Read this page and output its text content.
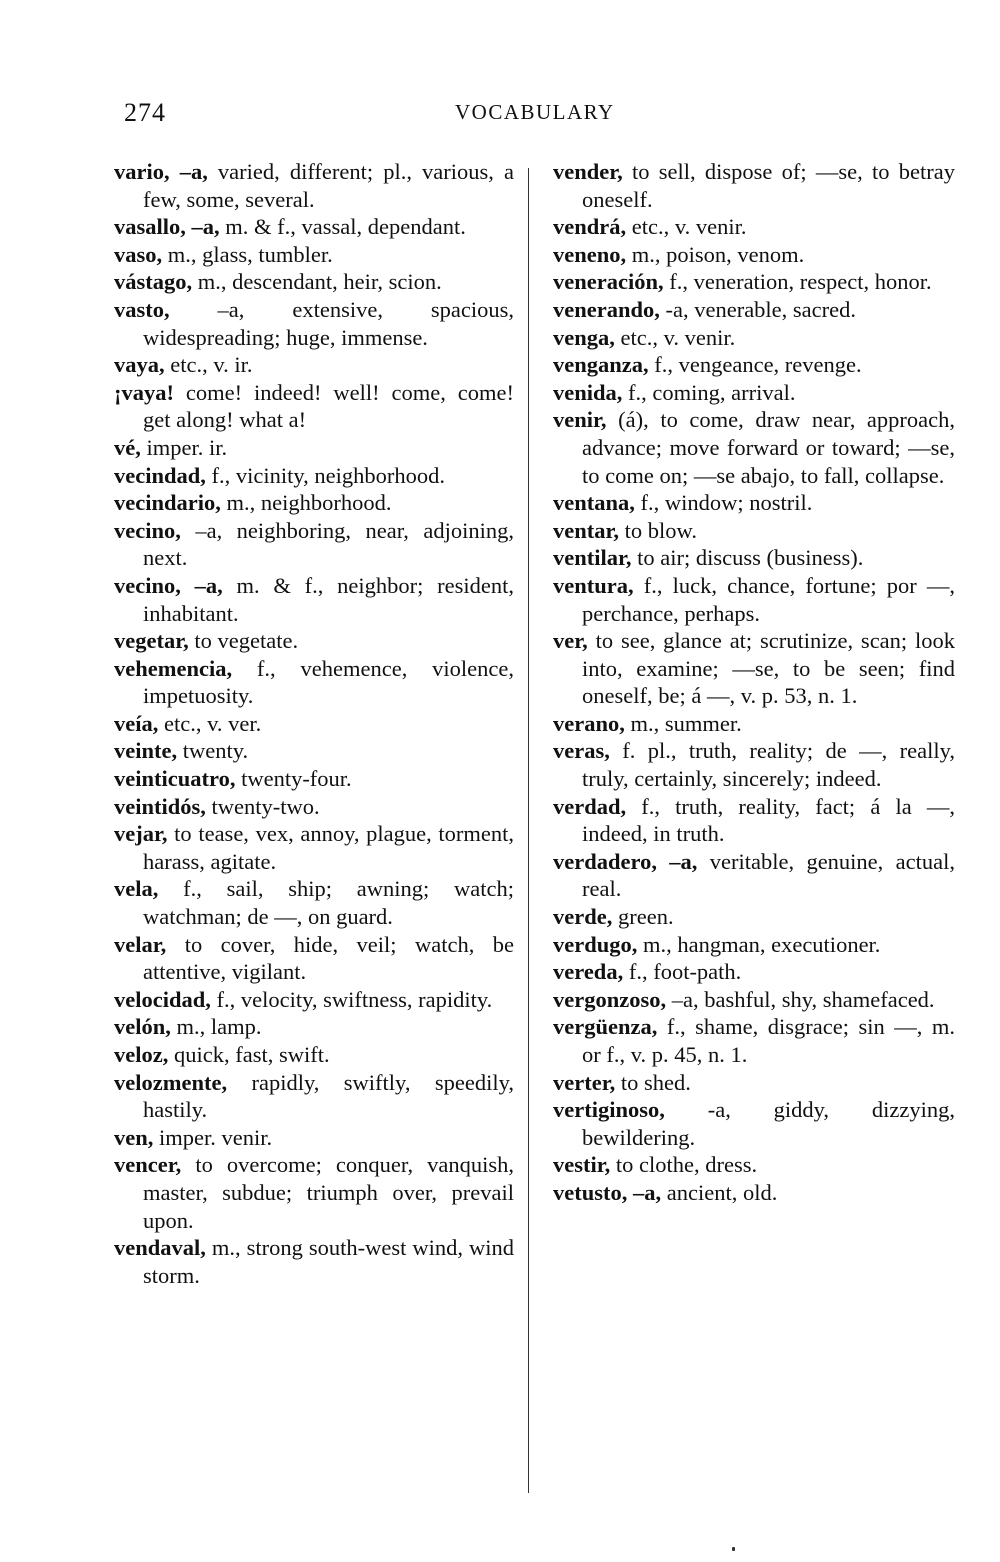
274	VOCABULARY

vario, –a, varied, different; pl., various, a few, some, several.

vasallo, –a, m. & f., vassal, dependant.

vaso, m., glass, tumbler.

vástago, m., descendant, heir, scion.

vasto, –a, extensive, spacious, widespreading; huge, immense.

vaya, etc., v. ir.

¡vaya! come! indeed! well! come, come! get along! what a!

vé, imper. ir.

vecindad, f., vicinity, neighborhood.

vecindario, m., neighborhood.

vecino, –a, neighboring, near, adjoining, next.

vecino, –a, m. & f., neighbor; resident, inhabitant.

vegetar, to vegetate.

vehemencia, f., vehemence, violence, impetuosity.

veía, etc., v. ver.

veinte, twenty.

veinticuatro, twenty-four.

veintidós, twenty-two.

vejar, to tease, vex, annoy, plague, torment, harass, agitate.

vela, f., sail, ship; awning; watch; watchman; de —, on guard.

velar, to cover, hide, veil; watch, be attentive, vigilant.

velocidad, f., velocity, swiftness, rapidity.

velón, m., lamp.

veloz, quick, fast, swift.

velozmente, rapidly, swiftly, speedily, hastily.

ven, imper. venir.

vencer, to overcome; conquer, vanquish, master, subdue; triumph over, prevail upon.

vendaval, m., strong south-west wind, wind storm.

vender, to sell, dispose of; —se, to betray oneself.

vendrá, etc., v. venir.

veneno, m., poison, venom.

veneración, f., veneration, respect, honor.

venerando, -a, venerable, sacred.

venga, etc., v. venir.

venganza, f., vengeance, revenge.

venida, f., coming, arrival.

venir, (á), to come, draw near, approach, advance; move forward or toward; —se, to come on; —se abajo, to fall, collapse.

ventana, f., window; nostril.

ventar, to blow.

ventilar, to air; discuss (business).

ventura, f., luck, chance, fortune; por —, perchance, perhaps.

ver, to see, glance at; scrutinize, scan; look into, examine; —se, to be seen; find oneself, be; á —, v. p. 53, n. 1.

verano, m., summer.

veras, f. pl., truth, reality; de —, really, truly, certainly, sincerely; indeed.

verdad, f., truth, reality, fact; á la —, indeed, in truth.

verdadero, –a, veritable, genuine, actual, real.

verde, green.

verdugo, m., hangman, executioner.

vereda, f., foot-path.

vergonzoso, –a, bashful, shy, shamefaced.

vergüenza, f., shame, disgrace; sin —, m. or f., v. p. 45, n. 1.

verter, to shed.

vertiginoso, -a, giddy, dizzying, bewildering.

vestir, to clothe, dress.

vetusto, –a, ancient, old.
